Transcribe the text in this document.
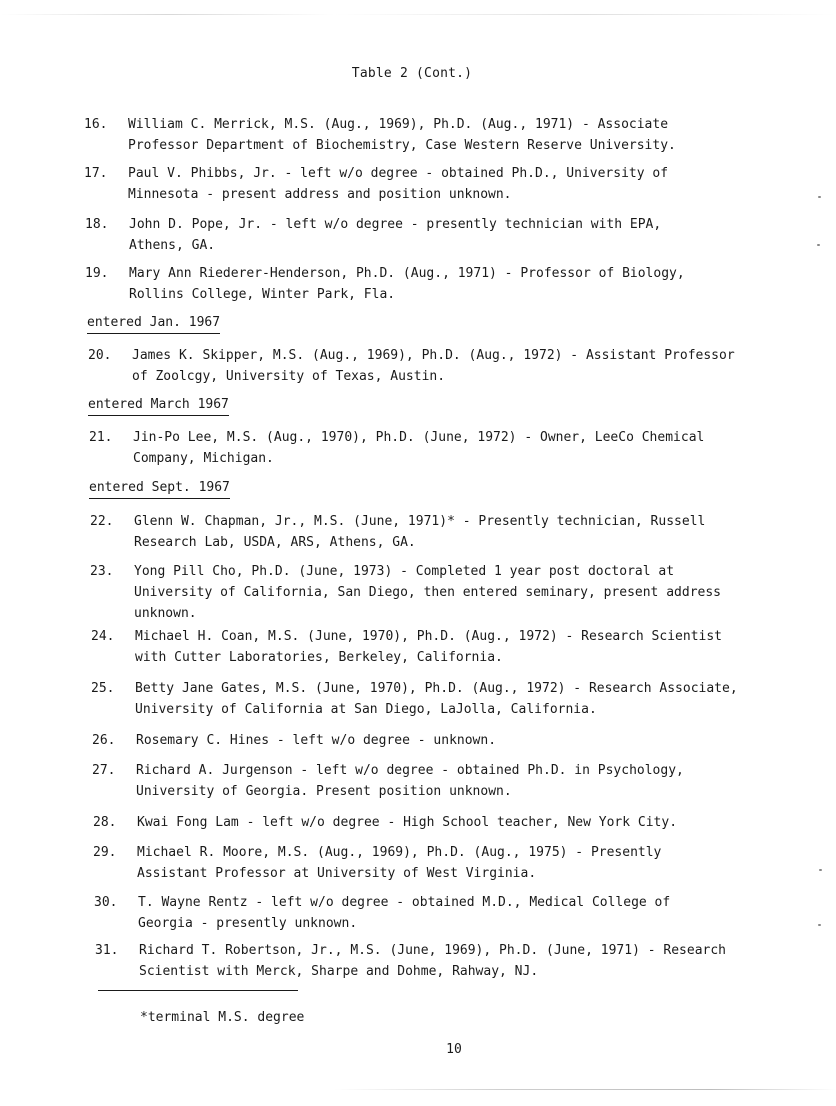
Table 2 (Cont.)
16.	William C. Merrick, M.S. (Aug., 1969), Ph.D. (Aug., 1971) - Associate
Professor Department of Biochemistry, Case Western Reserve University.
17.	Paul V. Phibbs, Jr. - left w/o degree - obtained Ph.D., University of
Minnesota - present address and position unknown.
18.	John D. Pope, Jr. - left w/o degree - presently technician with EPA,
Athens, GA.
19.	Mary Ann Riederer-Henderson, Ph.D. (Aug., 1971) - Professor of Biology,
Rollins College, Winter Park, Fla.
entered Jan. 1967
20.	James K. Skipper, M.S. (Aug., 1969), Ph.D. (Aug., 1972) - Assistant Professor
of Zoolcgy, University of Texas, Austin.
entered March 1967
21.	Jin-Po Lee, M.S. (Aug., 1970), Ph.D. (June, 1972) - Owner, LeeCo Chemical
Company, Michigan.
entered Sept. 1967
22.	Glenn W. Chapman, Jr., M.S. (June, 1971)* - Presently technician, Russell
Research Lab, USDA, ARS, Athens, GA.
23.	Yong Pill Cho, Ph.D. (June, 1973) - Completed 1 year post doctoral at
University of California, San Diego, then entered seminary, present address
unknown.
24.	Michael H. Coan, M.S. (June, 1970), Ph.D. (Aug., 1972) - Research Scientist
with Cutter Laboratories, Berkeley, California.
25.	Betty Jane Gates, M.S. (June, 1970), Ph.D. (Aug., 1972) - Research Associate,
University of California at San Diego, LaJolla, California.
26.	Rosemary C. Hines - left w/o degree - unknown.
27.	Richard A. Jurgenson - left w/o degree - obtained Ph.D. in Psychology,
University of Georgia. Present position unknown.
28.	Kwai Fong Lam - left w/o degree - High School teacher, New York City.
29.	Michael R. Moore, M.S. (Aug., 1969), Ph.D. (Aug., 1975) - Presently
Assistant Professor at University of West Virginia.
30.	T. Wayne Rentz - left w/o degree - obtained M.D., Medical College of
Georgia - presently unknown.
31.	Richard T. Robertson, Jr., M.S. (June, 1969), Ph.D. (June, 1971) - Research
Scientist with Merck, Sharpe and Dohme, Rahway, NJ.
*terminal M.S. degree
10
